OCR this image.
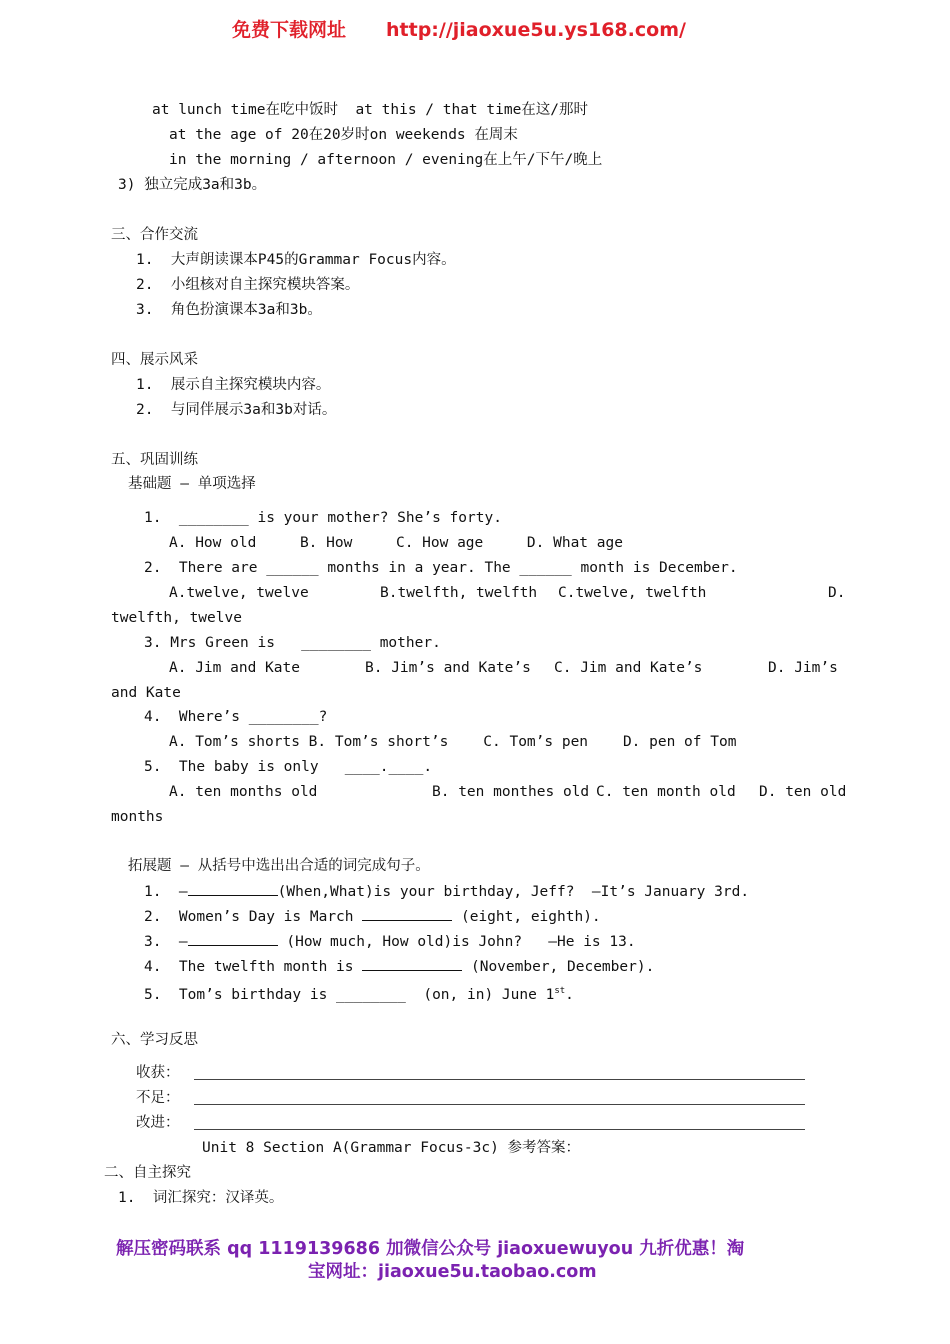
免费下载网址 http://jiaoxue5u.ys168.com/
at lunch time在吃中饭时  at this / that time在这/那时
at the age of 20在20岁时on weekends 在周末
in the morning / afternoon / evening在上午/下午/晚上
3) 独立完成3a和3b。
三、合作交流
1.  大声朗读课本P45的Grammar Focus内容。
2.  小组核对自主探究模块答案。
3.  角色扮演课本3a和3b。
四、展示风采
1.  展示自主探究模块内容。
2.  与同伴展示3a和3b对话。
五、巩固训练
基础题 — 单项选择
1.  ________ is your mother? She’s forty.
A. How old     B. How     C. How age     D. What age
2.  There are ______ months in a year. The ______ month is December.
A.twelve, twelve	B.twelfth, twelfth C.twelve, twelfth	D.
twelfth, twelve
3. Mrs Green is   ________ mother.
A. Jim and Kate	B. Jim’s and Kate’s C. Jim and Kate’s	D. Jim’s
and Kate
4.  Where’s ________?
A. Tom’s shorts B. Tom’s short’s    C. Tom’s pen    D. pen of Tom
5.  The baby is only   ____.____.
A. ten months old	B. ten monthes old C. ten month old D. ten old
months
拓展题 — 从括号中选出出合适的词完成句子。
1.  —	(When,What)is your birthday, Jeff?  —It’s January 3rd.
2.  Women’s Day is March	(eight, eighth).
3.  —	(How much, How old)is John?   —He is 13.
4.  The twelfth month is	(November, December).
5.  Tom’s birthday is ________  (on, in) June 1st.
六、学习反思
收获：
不足：
改进：
Unit 8 Section A(Grammar Focus-3c) 参考答案：
二、自主探究
1.  词汇探究：汉译英。
解压密码联系 qq 1119139686 加微信公众号 jiaoxuewuyou 九折优惠！淘
宝网址：jiaoxue5u.taobao.com
